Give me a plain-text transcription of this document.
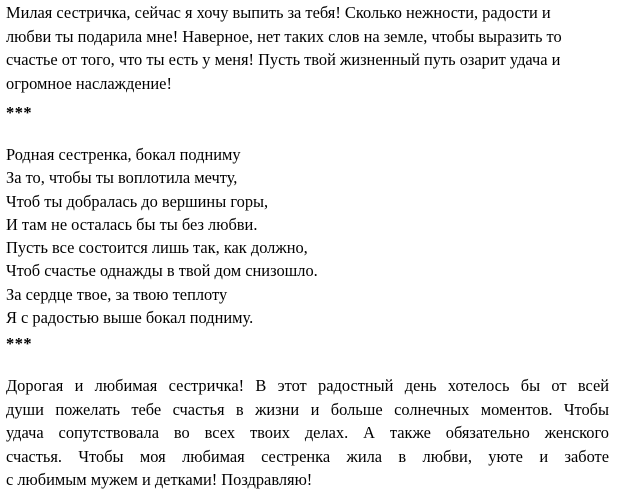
Милая сестричка, сейчас я хочу выпить за тебя! Сколько нежности, радости и
любви ты подарила мне! Наверное, нет таких слов на земле, чтобы выразить то
счастье от того, что ты есть у меня! Пусть твой жизненный путь озарит удача и
огромное наслаждение!

***

Родная сестренка, бокал подниму
За то, чтобы ты воплотила мечту,
Чтоб ты добралась до вершины горы,
И там не осталась бы ты без любви.
Пусть все состоится лишь так, как должно,
Чтоб счастье однажды в твой дом снизошло.
За сердце твое, за твою теплоту
Я с радостью выше бокал подниму.

***

Дорогая и любимая сестричка! В этот радостный день хотелось бы от всей
души пожелать тебе счастья в жизни и больше солнечных моментов. Чтобы
удача сопутствовала во всех твоих делах. А также обязательно женского
счастья. Чтобы моя любимая сестренка жила в любви, уюте и заботе
с любимым мужем и детками! Поздравляю!
